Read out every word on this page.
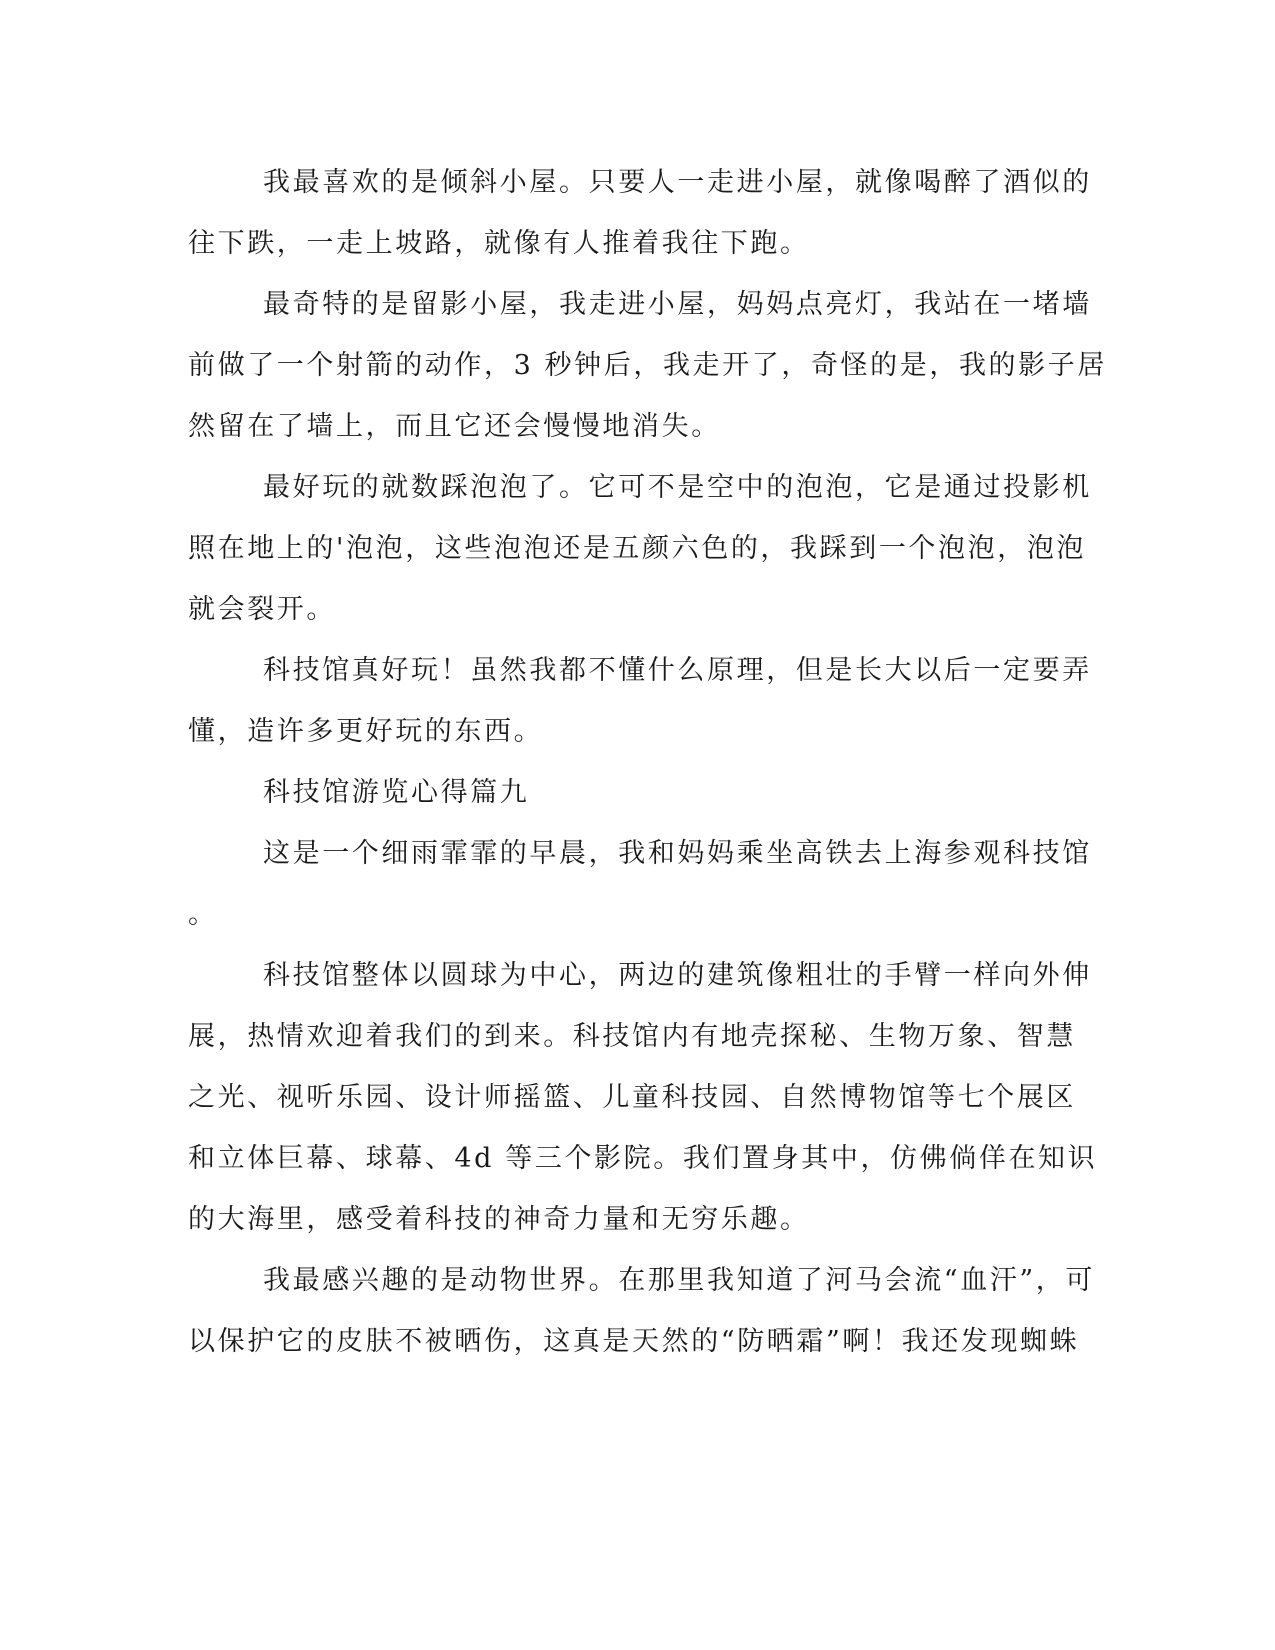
我最喜欢的是倾斜小屋。只要人一走进小屋，就像喝醉了酒似的
往下跌，一走上坡路，就像有人推着我往下跑。
最奇特的是留影小屋，我走进小屋，妈妈点亮灯，我站在一堵墙
前做了一个射箭的动作，3 秒钟后，我走开了，奇怪的是，我的影子居
然留在了墙上，而且它还会慢慢地消失。
最好玩的就数踩泡泡了。它可不是空中的泡泡，它是通过投影机
照在地上的'泡泡，这些泡泡还是五颜六色的，我踩到一个泡泡，泡泡
就会裂开。
科技馆真好玩！虽然我都不懂什么原理，但是长大以后一定要弄
懂，造许多更好玩的东西。
科技馆游览心得篇九
这是一个细雨霏霏的早晨，我和妈妈乘坐高铁去上海参观科技馆
。
科技馆整体以圆球为中心，两边的建筑像粗壮的手臂一样向外伸
展，热情欢迎着我们的到来。科技馆内有地壳探秘、生物万象、智慧
之光、视听乐园、设计师摇篮、儿童科技园、自然博物馆等七个展区
和立体巨幕、球幕、4d 等三个影院。我们置身其中，仿佛倘佯在知识
的大海里，感受着科技的神奇力量和无穷乐趣。
我最感兴趣的是动物世界。在那里我知道了河马会流“血汗”，可
以保护它的皮肤不被晒伤，这真是天然的“防晒霜”啊！我还发现蜘蛛
